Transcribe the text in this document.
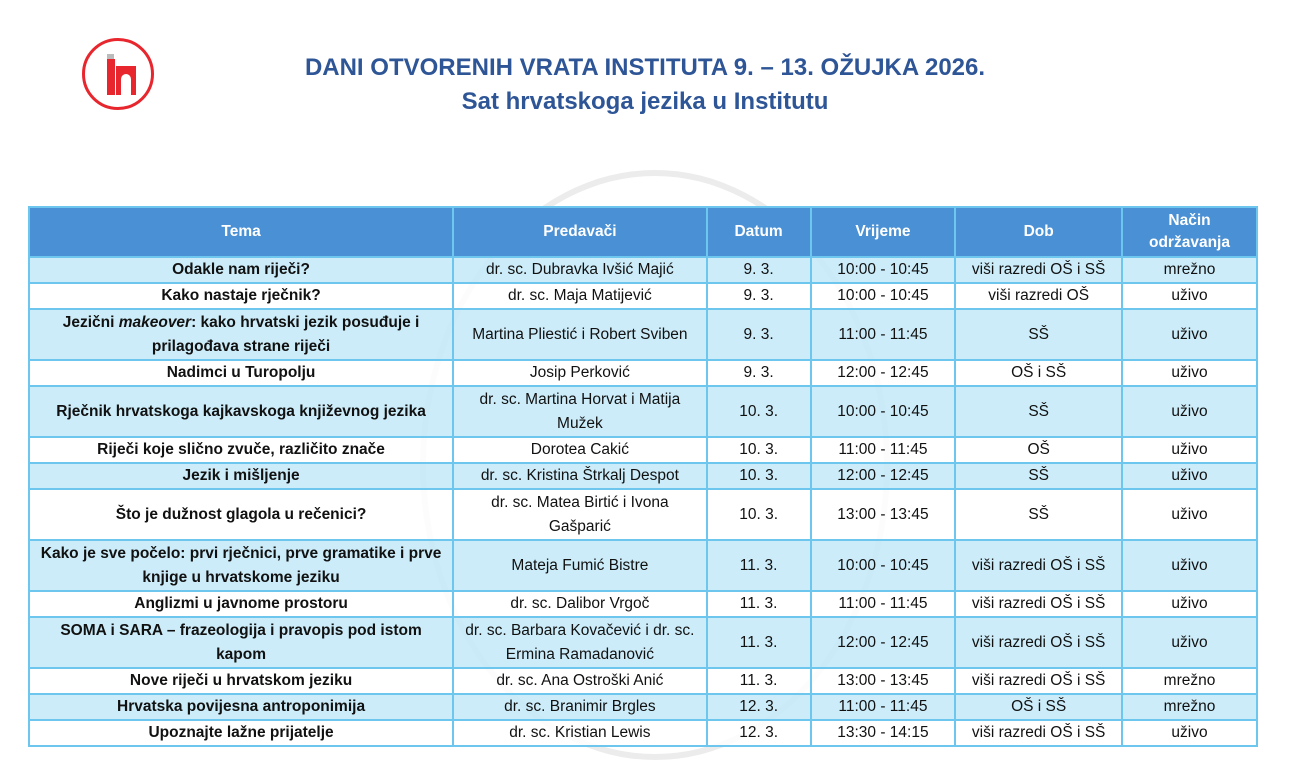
DANI OTVORENIH VRATA INSTITUTA 9. – 13. OŽUJKA 2026.
Sat hrvatskoga jezika u Institutu
Tema	Predavači	Datum	Vrijeme	Dob	Način održavanja
Odakle nam riječi?	dr. sc. Dubravka Ivšić Majić	9. 3.	10:00 - 10:45	viši razredi OŠ i SŠ	mrežno
Kako nastaje rječnik?	dr. sc. Maja Matijević	9. 3.	10:00 - 10:45	viši razredi OŠ	uživo
Jezični makeover: kako hrvatski jezik posuđuje i prilagođava strane riječi	Martina Pliestić i Robert Sviben	9. 3.	11:00 - 11:45	SŠ	uživo
Nadimci u Turopolju	Josip Perković	9. 3.	12:00 - 12:45	OŠ i SŠ	uživo
Rječnik hrvatskoga kajkavskoga književnog jezika	dr. sc. Martina Horvat i Matija Mužek	10. 3.	10:00 - 10:45	SŠ	uživo
Riječi koje slično zvuče, različito znače	Dorotea Cakić	10. 3.	11:00 - 11:45	OŠ	uživo
Jezik i mišljenje	dr. sc. Kristina Štrkalj Despot	10. 3.	12:00 - 12:45	SŠ	uživo
Što je dužnost glagola u rečenici?	dr. sc. Matea Birtić i Ivona Gašparić	10. 3.	13:00 - 13:45	SŠ	uživo
Kako je sve počelo: prvi rječnici, prve gramatike i prve knjige u hrvatskome jeziku	Mateja Fumić Bistre	11. 3.	10:00 - 10:45	viši razredi OŠ i SŠ	uživo
Anglizmi u javnome prostoru	dr. sc. Dalibor Vrgoč	11. 3.	11:00 - 11:45	viši razredi OŠ i SŠ	uživo
SOMA i SARA – frazeologija i pravopis pod istom kapom	dr. sc. Barbara Kovačević i dr. sc. Ermina Ramadanović	11. 3.	12:00 - 12:45	viši razredi OŠ i SŠ	uživo
Nove riječi u hrvatskom jeziku	dr. sc. Ana Ostroški Anić	11. 3.	13:00 - 13:45	viši razredi OŠ i SŠ	mrežno
Hrvatska povijesna antroponimija	dr. sc. Branimir Brgles	12. 3.	11:00 - 11:45	OŠ i SŠ	mrežno
Upoznajte lažne prijatelje	dr. sc. Kristian Lewis	12. 3.	13:30 - 14:15	viši razredi OŠ i SŠ	uživo
